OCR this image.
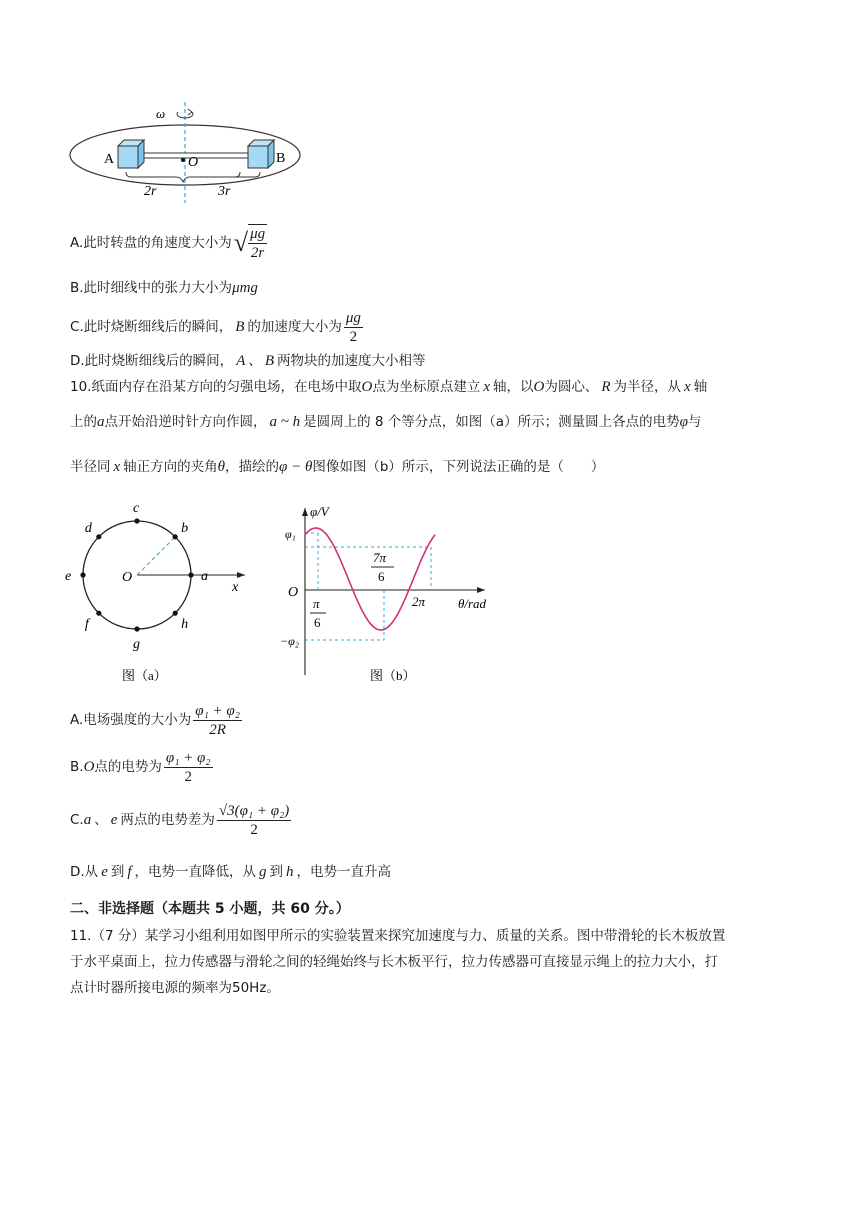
ω
A	B
O
2r	3r
A.此时转盘的角速度大小为 √ $\frac{\mu g}{2r}$
B.此时细线中的张力大小为μmg
C.此时烧断细线后的瞬间， B 的加速度大小为 $\frac{\mu g}{2}$
D.此时烧断细线后的瞬间， A 、 B 两物块的加速度大小相等
10.纸面内存在沿某方向的匀强电场，在电场中取O点为坐标原点建立 x 轴，以O为圆心、 R 为半径，从 x 轴
上的a点开始沿逆时针方向作圆， a ~ h 是圆周上的 8 个等分点，如图（a）所示；测量圆上各点的电势φ与
半径同 x 轴正方向的夹角θ，描绘的φ − θ图像如图（b）所示，下列说法正确的是（　　）
a
b
c
d
e
f
g
h
O
x
图（a）
φ/V
θ/rad
O
φ₁
−φ₂
π
6
7π
6
2π
图（b）
A.电场强度的大小为 $\frac{\text{φ₁ + φ₂}}{2R}$
B. O 点的电势为 $\frac{\text{φ₁ + φ₂}}{2}$
C. a 、 e 两点的电势差为 $\frac{\text{√3(φ₁ + φ₂)}}{2}$
D.从 e 到 f ，电势一直降低，从 g 到 h ，电势一直升高
二、非选择题（本题共 5 小题，共 60 分。）
11.（7 分）某学习小组利用如图甲所示的实验装置来探究加速度与力、质量的关系。图中带滑轮的长木板放置
于水平桌面上，拉力传感器与滑轮之间的轻绳始终与长木板平行，拉力传感器可直接显示绳上的拉力大小，打
点计时器所接电源的频率为50Hz。
